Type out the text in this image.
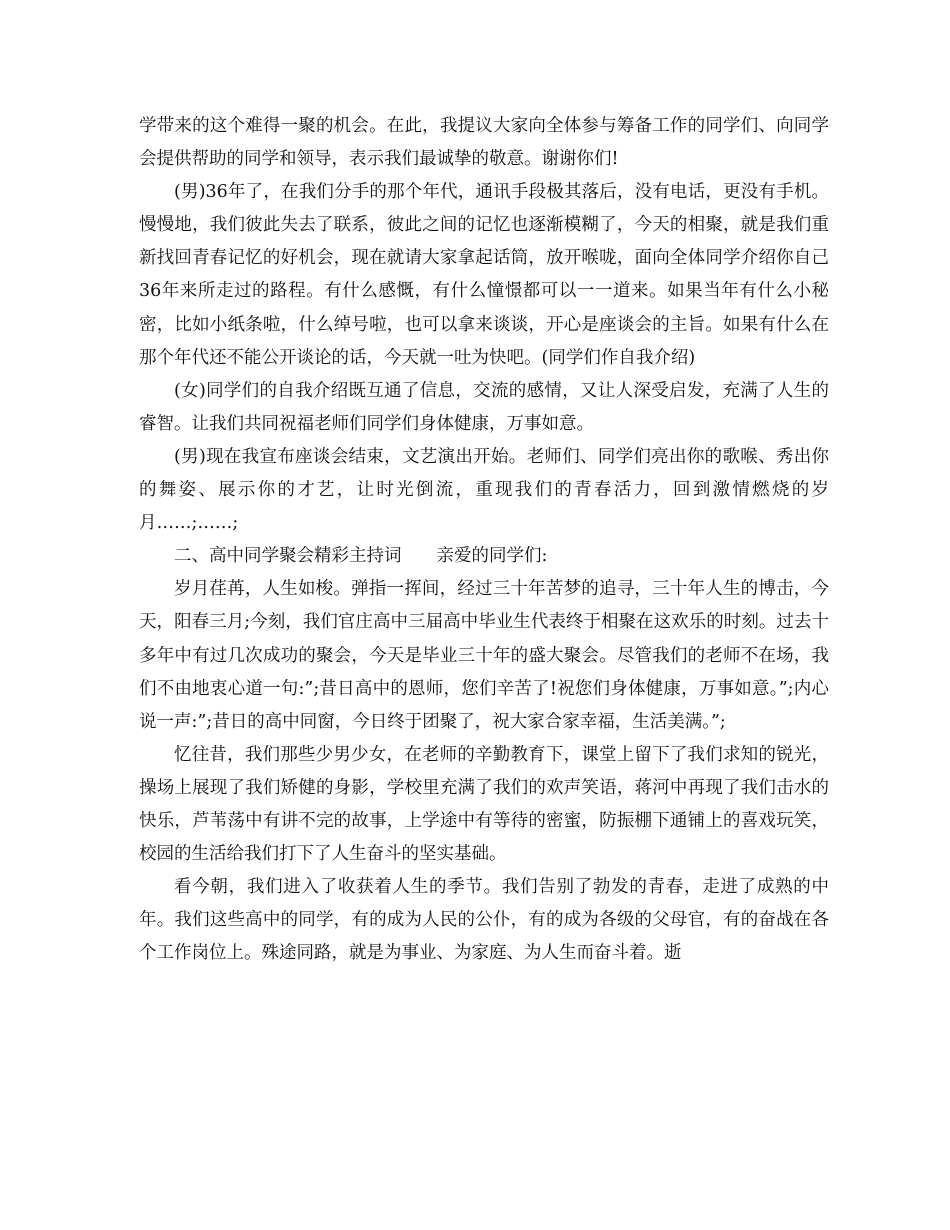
学带来的这个难得一聚的机会。在此，我提议大家向全体参与筹备工作的同学们、向同学会提供帮助的同学和领导，表示我们最诚挚的敬意。谢谢你们!

(男)36年了，在我们分手的那个年代，通讯手段极其落后，没有电话，更没有手机。慢慢地，我们彼此失去了联系，彼此之间的记忆也逐渐模糊了，今天的相聚，就是我们重新找回青春记忆的好机会，现在就请大家拿起话筒，放开喉咙，面向全体同学介绍你自己36年来所走过的路程。有什么感慨，有什么憧憬都可以一一道来。如果当年有什么小秘密，比如小纸条啦，什么绰号啦，也可以拿来谈谈，开心是座谈会的主旨。如果有什么在那个年代还不能公开谈论的话，今天就一吐为快吧。(同学们作自我介绍)

(女)同学们的自我介绍既互通了信息，交流的感情，又让人深受启发，充满了人生的睿智。让我们共同祝福老师们同学们身体健康，万事如意。

(男)现在我宣布座谈会结束，文艺演出开始。老师们、同学们亮出你的歌喉、秀出你的舞姿、展示你的才艺，让时光倒流，重现我们的青春活力，回到激情燃烧的岁月……;……;

二、高中同学聚会精彩主持词　　亲爱的同学们:

岁月荏苒，人生如梭。弹指一挥间，经过三十年苦梦的追寻，三十年人生的博击，今天，阳春三月;今刻，我们官庄高中三届高中毕业生代表终于相聚在这欢乐的时刻。过去十多年中有过几次成功的聚会，今天是毕业三十年的盛大聚会。尽管我们的老师不在场，我们不由地衷心道一句:”;昔日高中的恩师，您们辛苦了!祝您们身体健康，万事如意。”;内心说一声:”;昔日的高中同窗，今日终于团聚了，祝大家合家幸福，生活美满。”;

忆往昔，我们那些少男少女，在老师的辛勤教育下，课堂上留下了我们求知的锐光，操场上展现了我们矫健的身影，学校里充满了我们的欢声笑语，蒋河中再现了我们击水的快乐，芦苇荡中有讲不完的故事，上学途中有等待的密蜜，防振棚下通铺上的喜戏玩笑，校园的生活给我们打下了人生奋斗的坚实基础。

看今朝，我们进入了收获着人生的季节。我们告别了勃发的青春，走进了成熟的中年。我们这些高中的同学，有的成为人民的公仆，有的成为各级的父母官，有的奋战在各个工作岗位上。殊途同路，就是为事业、为家庭、为人生而奋斗着。逝
